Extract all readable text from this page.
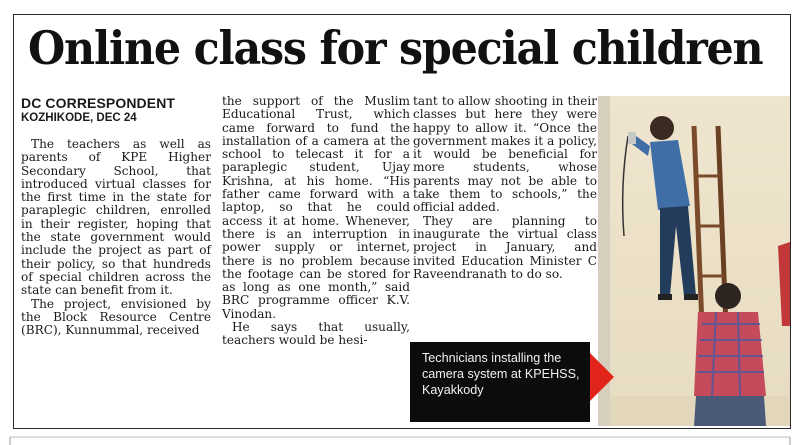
Online class for special children
DC CORRESPONDENT
KOZHIKODE, DEC 24

The teachers as well as parents of KPE Higher Secondary School, that introduced virtual classes for the first time in the state for paraplegic children, enrolled in their register, hoping that the state government would include the project as part of their policy, so that hundreds of special children across the state can benefit from it.

The project, envisioned by the Block Resource Centre (BRC), Kunnummal, received

the support of the Muslim Educational Trust, which came forward to fund the installation of a camera at the school to telecast it for a paraplegic student, Ujay Krishna, at his home. “His father came forward with a laptop, so that he could access it at home. Whenever, there is an interruption in power supply or internet, there is no problem because the footage can be stored for as long as one month,” said BRC programme officer K.V. Vinodan.

He says that usually, teachers would be hesi-

tant to allow shooting in their classes but here they were happy to allow it. “Once the government makes it a policy, it would be beneficial for more students, whose parents may not be able to take them to schools,” the official added.

They are planning to inaugurate the virtual class project in January, and invited Education Minister C Raveendranath to do so.

Technicians installing the camera system at KPEHSS, Kayakkody
